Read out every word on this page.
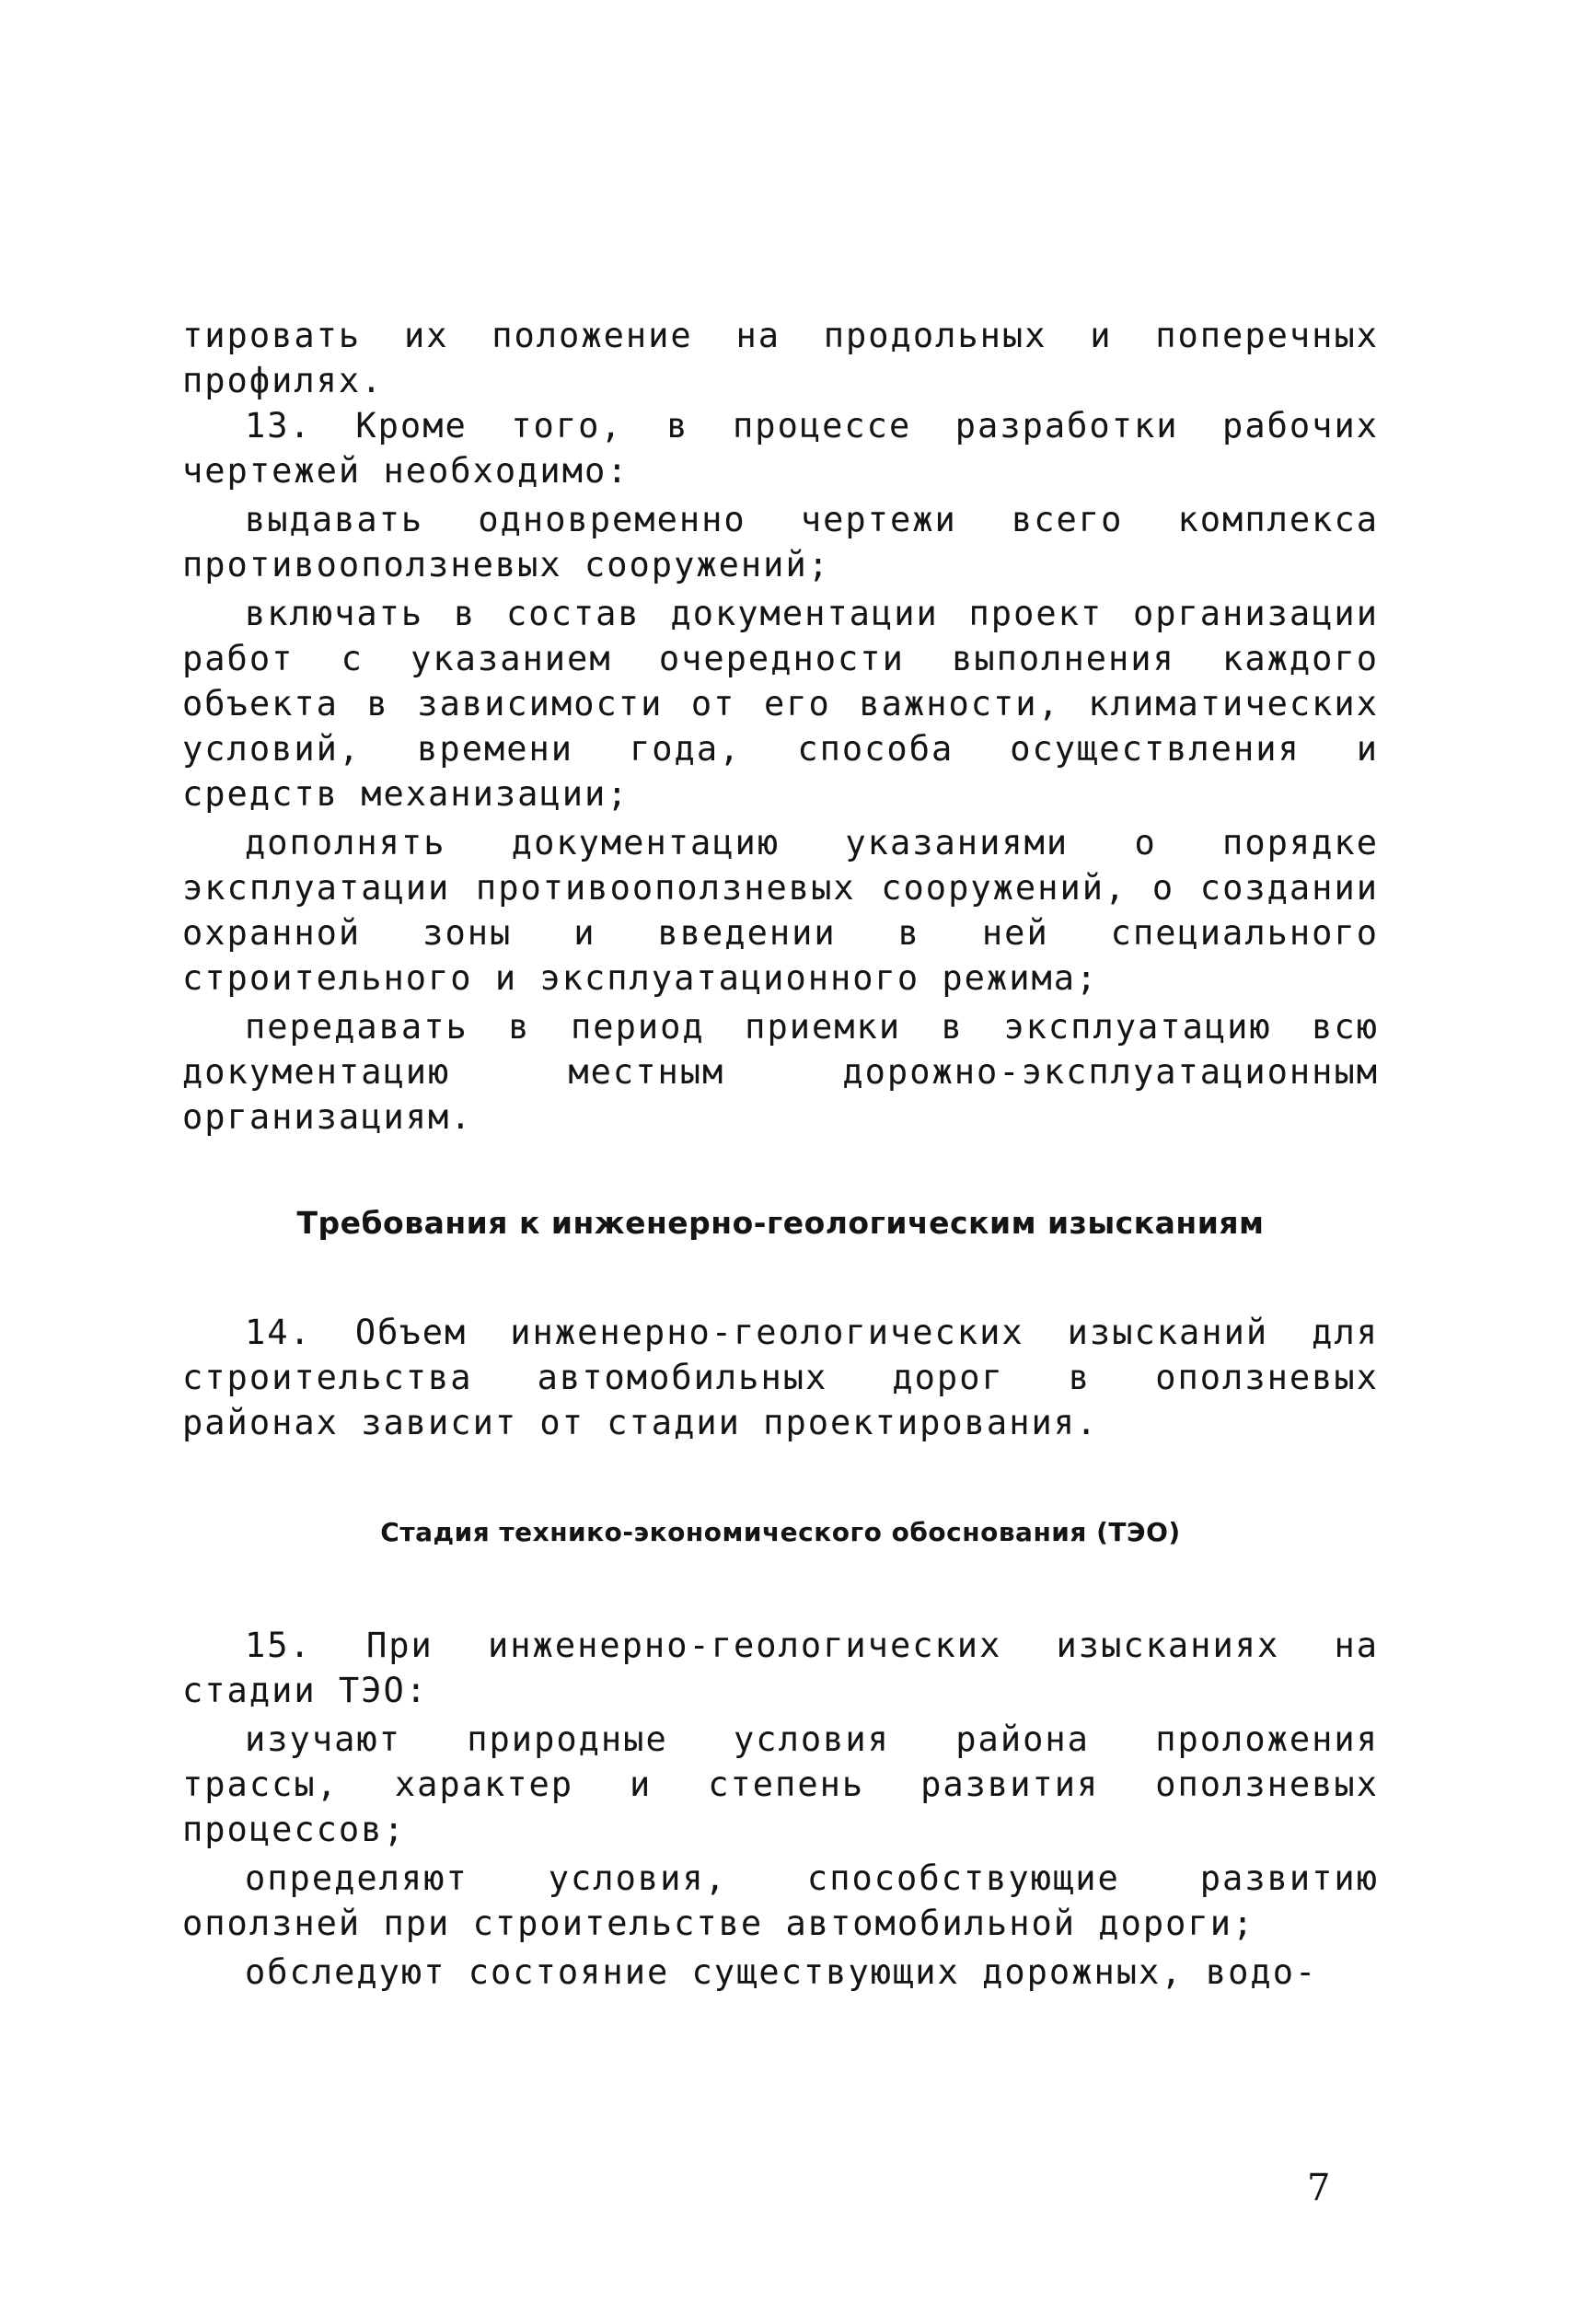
тировать их положение на продольных и поперечных профилях.

13. Кроме того, в процессе разработки рабочих чертежей необходимо:

выдавать одновременно чертежи всего комплекса противооползневых сооружений;

включать в состав документации проект организации работ с указанием очередности выполнения каждого объекта в зависимости от его важности, климатических условий, времени года, способа осуществления и средств механизации;

дополнять документацию указаниями о порядке эксплуатации противооползневых сооружений, о создании охранной зоны и введении в ней специального строительного и эксплуатационного режима;

передавать в период приемки в эксплуатацию всю документацию местным дорожно-эксплуатационным организациям.

Требования к инженерно-геологическим изысканиям

14. Объем инженерно-геологических изысканий для строительства автомобильных дорог в оползневых районах зависит от стадии проектирования.

Стадия технико-экономического обоснования (ТЭО)

15. При инженерно-геологических изысканиях на стадии ТЭО:

изучают природные условия района проложения трассы, характер и степень развития оползневых процессов;

определяют условия, способствующие развитию оползней при строительстве автомобильной дороги;

обследуют состояние существующих дорожных, водо-

7
